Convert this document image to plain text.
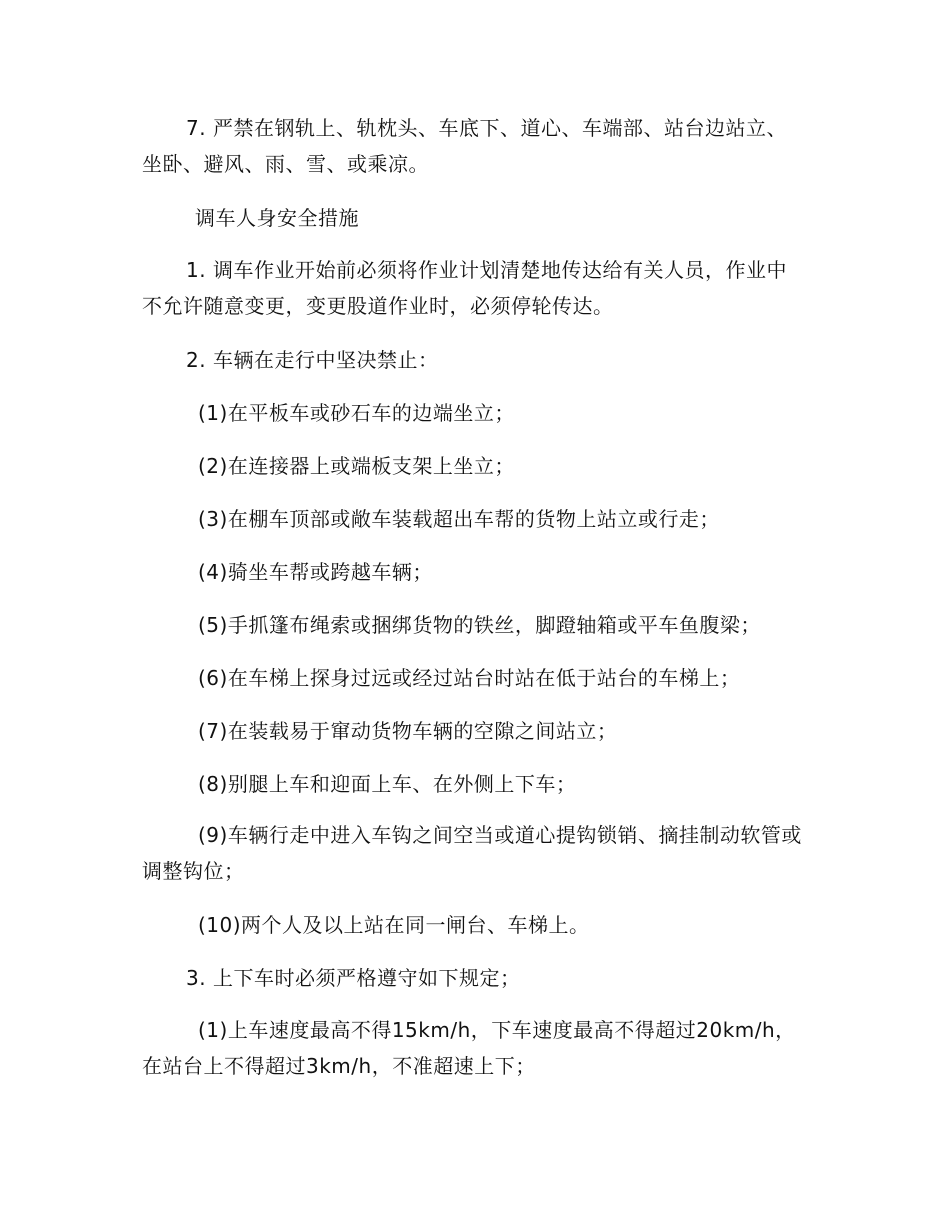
7. 严禁在钢轨上、轨枕头、车底下、道心、车端部、站台边站立、坐卧、避风、雨、雪、或乘凉。
调车人身安全措施
1. 调车作业开始前必须将作业计划清楚地传达给有关人员，作业中不允许随意变更，变更股道作业时，必须停轮传达。
2. 车辆在走行中坚决禁止：
(1)在平板车或砂石车的边端坐立；
(2)在连接器上或端板支架上坐立；
(3)在棚车顶部或敞车装载超出车帮的货物上站立或行走；
(4)骑坐车帮或跨越车辆；
(5)手抓篷布绳索或捆绑货物的铁丝，脚蹬轴箱或平车鱼腹梁；
(6)在车梯上探身过远或经过站台时站在低于站台的车梯上；
(7)在装载易于窜动货物车辆的空隙之间站立；
(8)别腿上车和迎面上车、在外侧上下车；
(9)车辆行走中进入车钩之间空当或道心提钩锁销、摘挂制动软管或调整钩位；
(10)两个人及以上站在同一闸台、车梯上。
3. 上下车时必须严格遵守如下规定；
(1)上车速度最高不得15km/h，下车速度最高不得超过20km/h，在站台上不得超过3km/h，不准超速上下；
